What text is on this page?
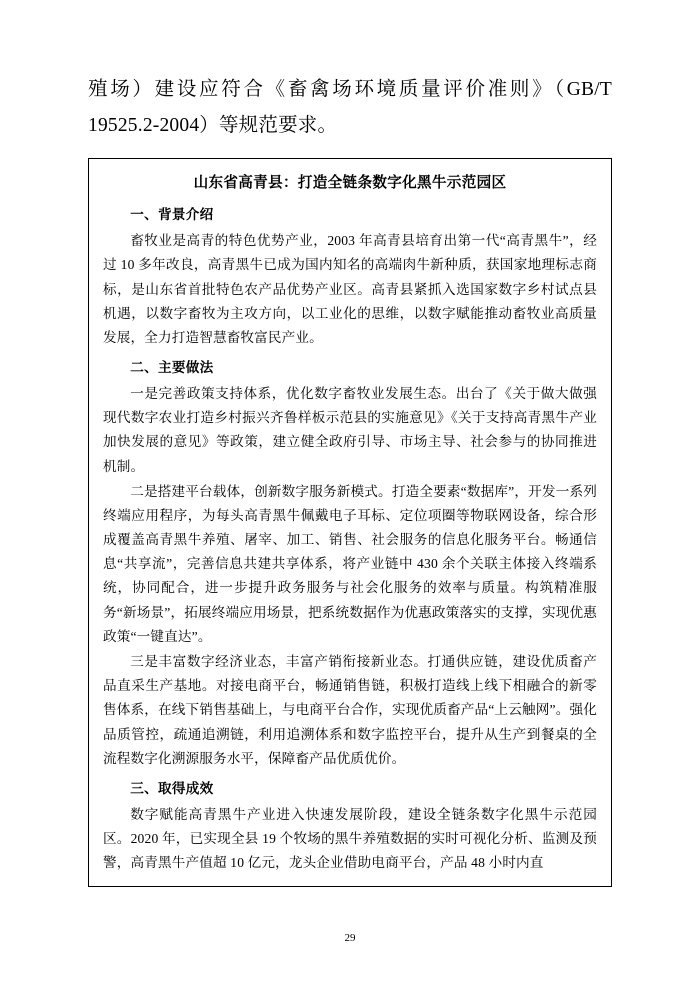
殖场）建设应符合《畜禽场环境质量评价准则》（GB/T 19525.2-2004）等规范要求。

山东省高青县：打造全链条数字化黑牛示范园区
一、背景介绍

畜牧业是高青的特色优势产业，2003 年高青县培育出第一代“高青黑牛”，经过 10 多年改良，高青黑牛已成为国内知名的高端肉牛新种质，获国家地理标志商标，是山东省首批特色农产品优势产业区。高青县紧抓入选国家数字乡村试点县机遇，以数字畜牧为主攻方向，以工业化的思维，以数字赋能推动畜牧业高质量发展，全力打造智慧畜牧富民产业。

二、主要做法

一是完善政策支持体系，优化数字畜牧业发展生态。出台了《关于做大做强现代数字农业打造乡村振兴齐鲁样板示范县的实施意见》《关于支持高青黑牛产业加快发展的意见》等政策，建立健全政府引导、市场主导、社会参与的协同推进机制。

二是搭建平台载体，创新数字服务新模式。打造全要素“数据库”，开发一系列终端应用程序，为每头高青黑牛佩戴电子耳标、定位项圈等物联网设备，综合形成覆盖高青黑牛养殖、屠宰、加工、销售、社会服务的信息化服务平台。畅通信息“共享流”，完善信息共建共享体系，将产业链中 430 余个关联主体接入终端系统，协同配合，进一步提升政务服务与社会化服务的效率与质量。构筑精准服务“新场景”，拓展终端应用场景，把系统数据作为优惠政策落实的支撑，实现优惠政策“一键直达”。

三是丰富数字经济业态，丰富产销衔接新业态。打通供应链，建设优质畜产品直采生产基地。对接电商平台，畅通销售链，积极打造线上线下相融合的新零售体系，在线下销售基础上，与电商平台合作，实现优质畜产品“上云触网”。强化品质管控，疏通追溯链，利用追溯体系和数字监控平台，提升从生产到餐桌的全流程数字化溯源服务水平，保障畜产品优质优价。

三、取得成效

数字赋能高青黑牛产业进入快速发展阶段，建设全链条数字化黑牛示范园区。2020 年，已实现全县 19 个牧场的黑牛养殖数据的实时可视化分析、监测及预警，高青黑牛产值超 10 亿元，龙头企业借助电商平台，产品 48 小时内直

29
